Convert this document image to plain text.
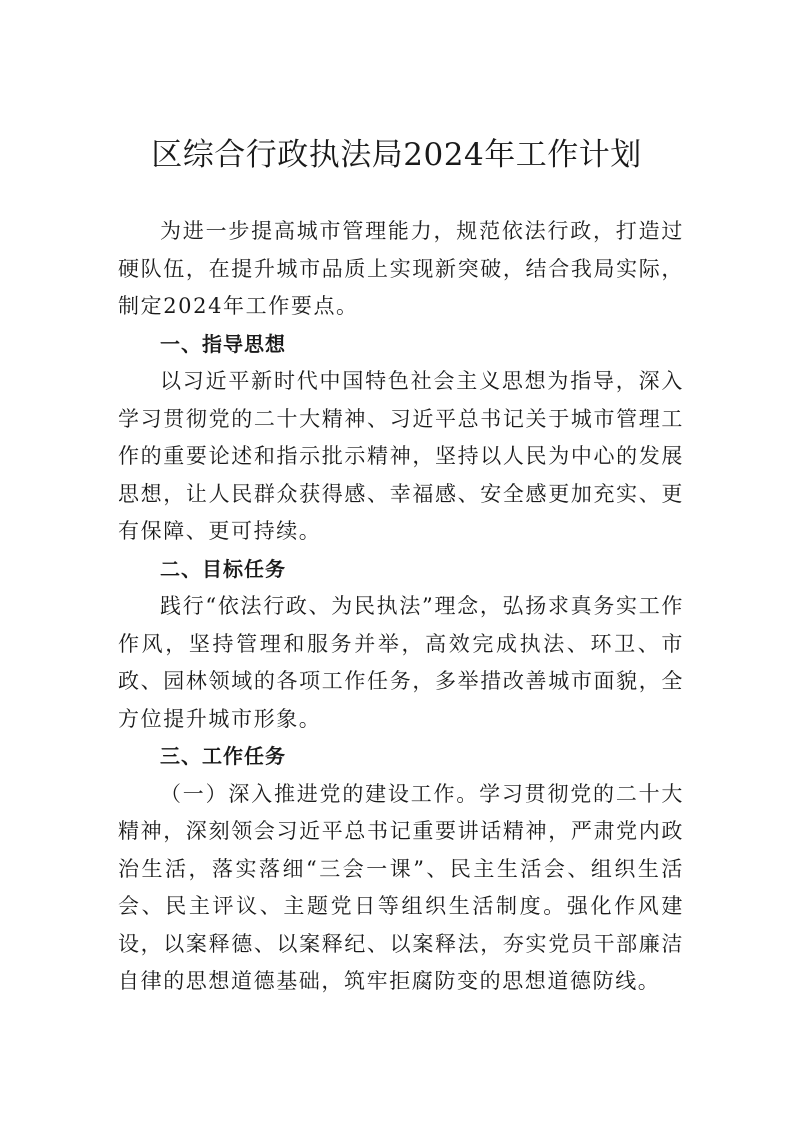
区综合行政执法局2024年工作计划

为进一步提高城市管理能力，规范依法行政，打造过硬队伍，在提升城市品质上实现新突破，结合我局实际，制定2024年工作要点。

一、指导思想

以习近平新时代中国特色社会主义思想为指导，深入学习贯彻党的二十大精神、习近平总书记关于城市管理工作的重要论述和指示批示精神，坚持以人民为中心的发展思想，让人民群众获得感、幸福感、安全感更加充实、更有保障、更可持续。

二、目标任务

践行“依法行政、为民执法”理念，弘扬求真务实工作作风，坚持管理和服务并举，高效完成执法、环卫、市政、园林领域的各项工作任务，多举措改善城市面貌，全方位提升城市形象。

三、工作任务

（一）深入推进党的建设工作。学习贯彻党的二十大精神，深刻领会习近平总书记重要讲话精神，严肃党内政治生活，落实落细“三会一课”、民主生活会、组织生活会、民主评议、主题党日等组织生活制度。强化作风建设，以案释德、以案释纪、以案释法，夯实党员干部廉洁自律的思想道德基础，筑牢拒腐防变的思想道德防线。
